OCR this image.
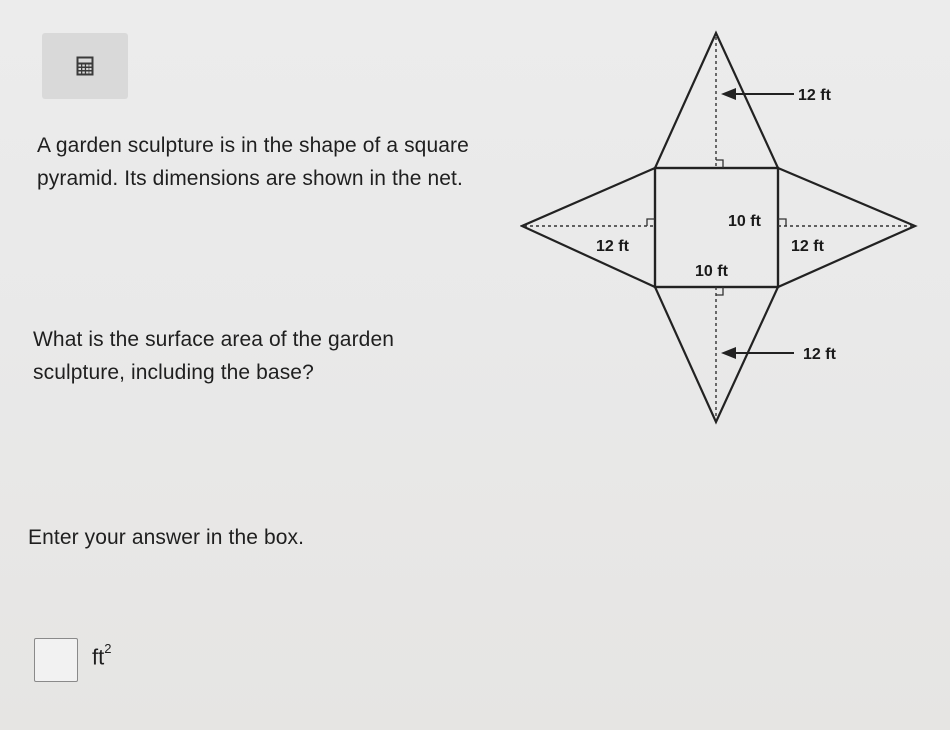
A garden sculpture is in the shape of a square pyramid. Its dimensions are shown in the net.

What is the surface area of the garden sculpture, including the base?

Enter your answer in the box.

$ft^2$
12 ft
10 ft
12 ft	12 ft
10 ft
12 ft
